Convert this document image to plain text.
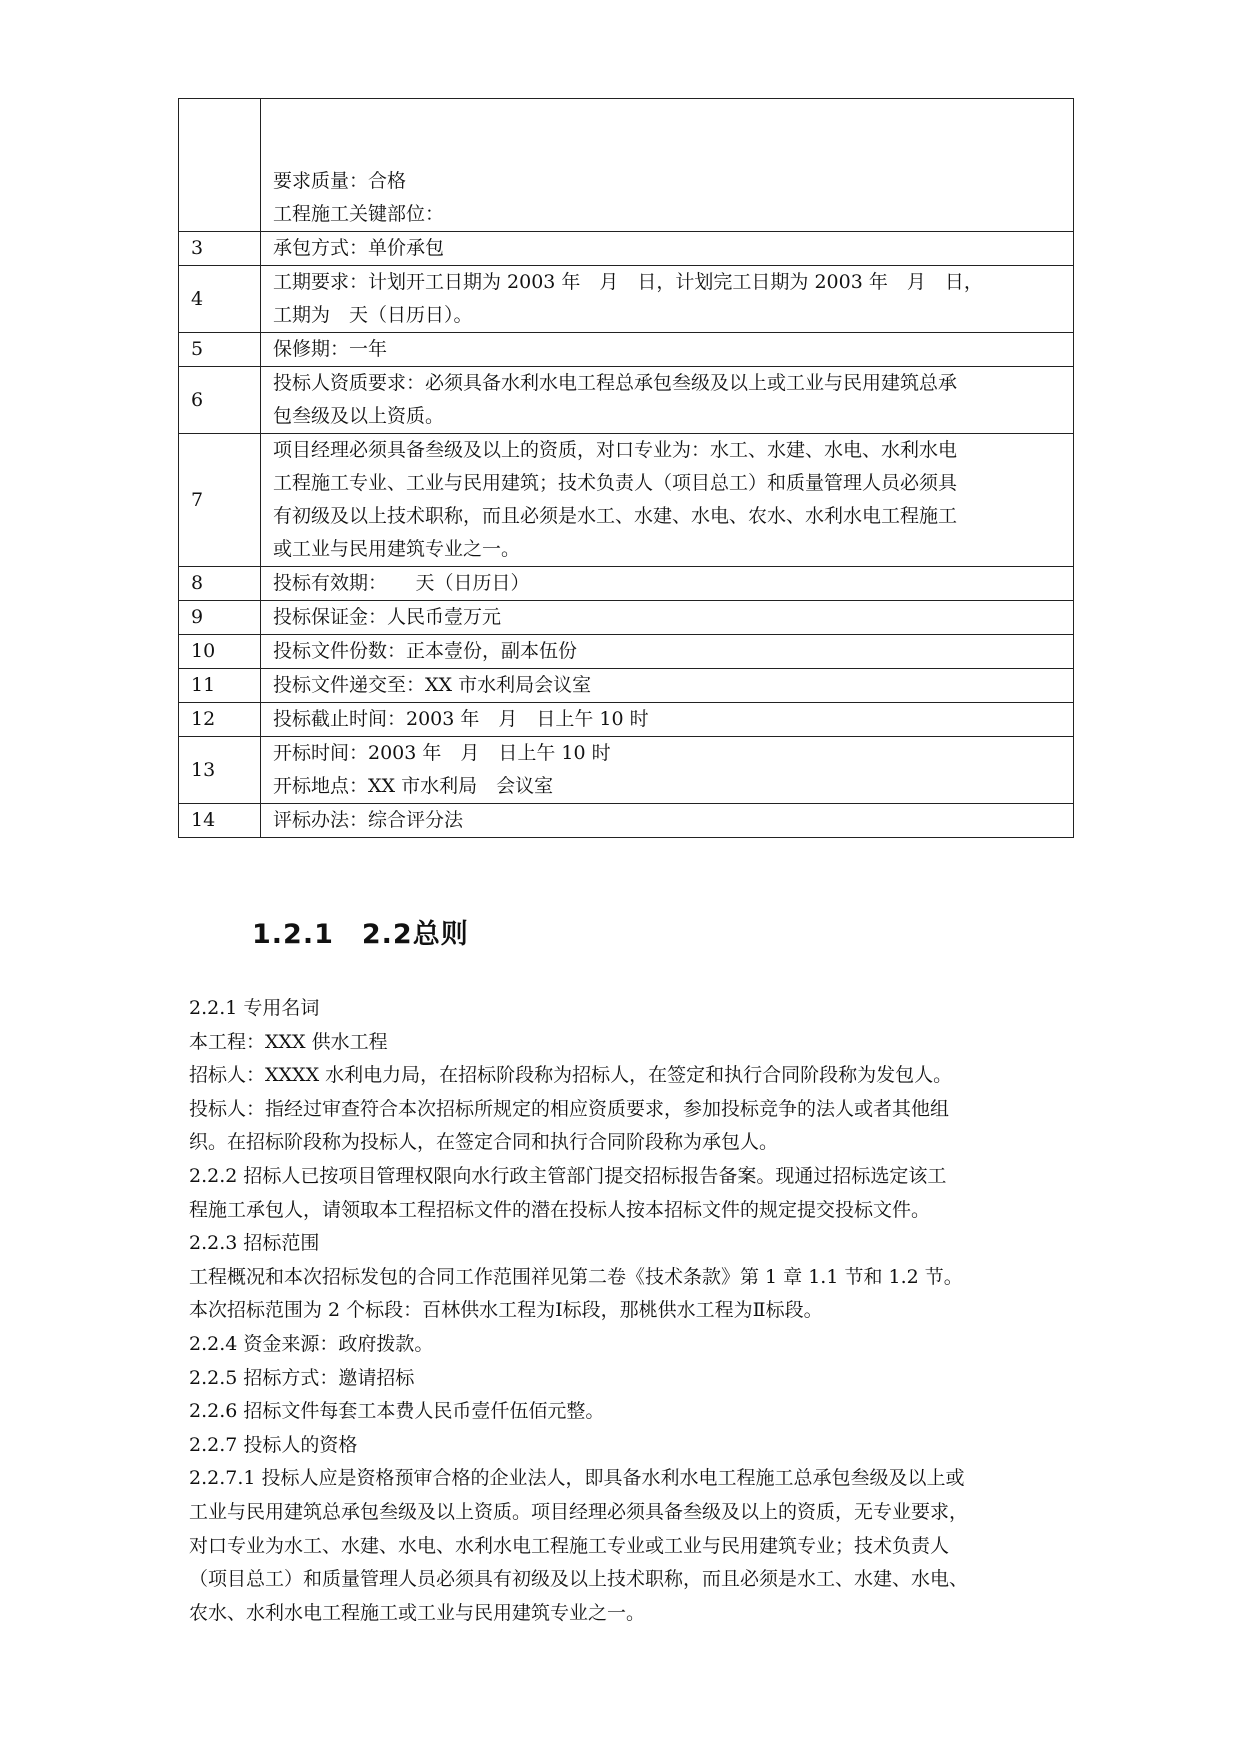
	要求质量：合格
工程施工关键部位：

3	承包方式：单价承包

4	工期要求：计划开工日期为 2003 年　月　日，计划完工日期为 2003 年　月　日，
工期为　天（日历日）。

5	保修期：一年

6	投标人资质要求：必须具备水利水电工程总承包叁级及以上或工业与民用建筑总承
包叁级及以上资质。

7	项目经理必须具备叁级及以上的资质，对口专业为：水工、水建、水电、水利水电
工程施工专业、工业与民用建筑；技术负责人（项目总工）和质量管理人员必须具
有初级及以上技术职称，而且必须是水工、水建、水电、农水、水利水电工程施工
或工业与民用建筑专业之一。

8	投标有效期：　　天（日历日）

9	投标保证金：人民币壹万元

10	投标文件份数：正本壹份，副本伍份

11	投标文件递交至：XX 市水利局会议室

12	投标截止时间：2003 年　月　日上午 10 时

13	开标时间：2003 年　月　日上午 10 时
开标地点：XX 市水利局　会议室

14	评标办法：综合评分法
1.2.1　2.2总则
2.2.1 专用名词
本工程：XXX 供水工程
招标人：XXXX 水利电力局，在招标阶段称为招标人，在签定和执行合同阶段称为发包人。
投标人：指经过审查符合本次招标所规定的相应资质要求，参加投标竞争的法人或者其他组
织。在招标阶段称为投标人，在签定合同和执行合同阶段称为承包人。
2.2.2 招标人已按项目管理权限向水行政主管部门提交招标报告备案。现通过招标选定该工
程施工承包人，请领取本工程招标文件的潜在投标人按本招标文件的规定提交投标文件。
2.2.3 招标范围
工程概况和本次招标发包的合同工作范围祥见第二卷《技术条款》第 1 章 1.1 节和 1.2 节。
本次招标范围为 2 个标段：百林供水工程为Ⅰ标段，那桃供水工程为Ⅱ标段。
2.2.4 资金来源：政府拨款。
2.2.5 招标方式：邀请招标
2.2.6 招标文件每套工本费人民币壹仟伍佰元整。
2.2.7 投标人的资格
2.2.7.1 投标人应是资格预审合格的企业法人，即具备水利水电工程施工总承包叁级及以上或
工业与民用建筑总承包叁级及以上资质。项目经理必须具备叁级及以上的资质，无专业要求，
对口专业为水工、水建、水电、水利水电工程施工专业或工业与民用建筑专业；技术负责人
（项目总工）和质量管理人员必须具有初级及以上技术职称，而且必须是水工、水建、水电、
农水、水利水电工程施工或工业与民用建筑专业之一。
